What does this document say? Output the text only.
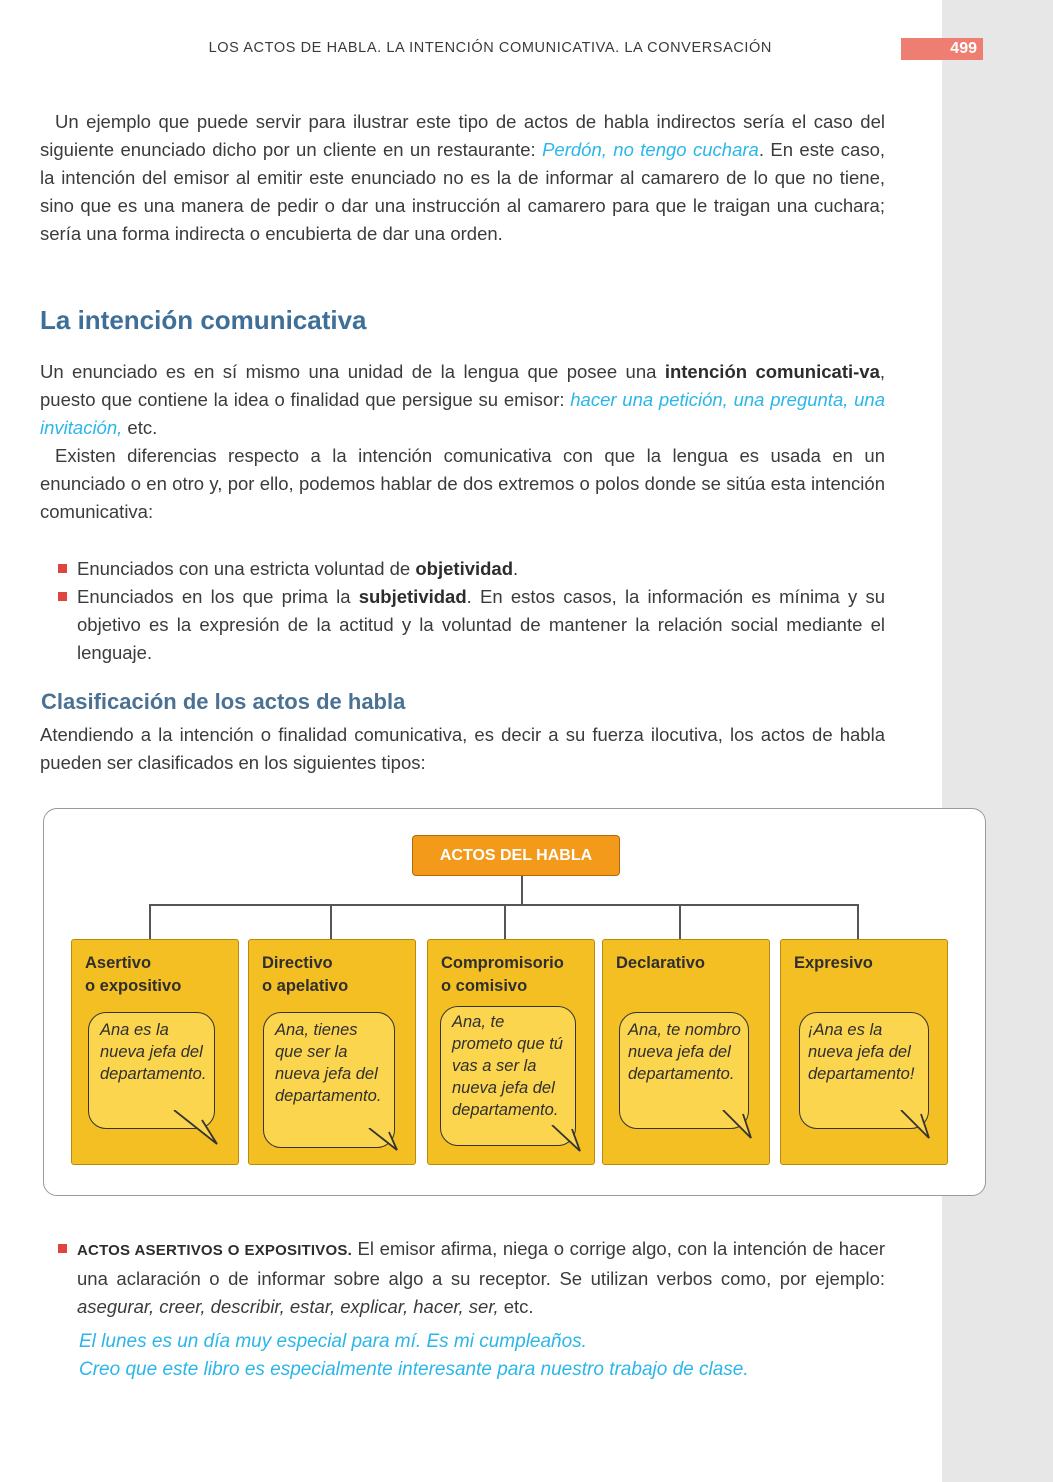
LOS ACTOS DE HABLA. LA INTENCIÓN COMUNICATIVA. LA CONVERSACIÓN	499

Un ejemplo que puede servir para ilustrar este tipo de actos de habla indirectos sería el caso del siguiente enunciado dicho por un cliente en un restaurante: Perdón, no tengo cuchara. En este caso, la intención del emisor al emitir este enunciado no es la de informar al camarero de lo que no tiene, sino que es una manera de pedir o dar una instrucción al camarero para que le traigan una cuchara; sería una forma indirecta o encubierta de dar una orden.

La intención comunicativa

Un enunciado es en sí mismo una unidad de la lengua que posee una intención comunicati-va, puesto que contiene la idea o finalidad que persigue su emisor: hacer una petición, una pregunta, una invitación, etc.

Existen diferencias respecto a la intención comunicativa con que la lengua es usada en un enunciado o en otro y, por ello, podemos hablar de dos extremos o polos donde se sitúa esta intención comunicativa:

Enunciados con una estricta voluntad de objetividad.
Enunciados en los que prima la subjetividad. En estos casos, la información es mínima y su objetivo es la expresión de la actitud y la voluntad de mantener la relación social mediante el lenguaje.
Clasificación de los actos de habla

Atendiendo a la intención o finalidad comunicativa, es decir a su fuerza ilocutiva, los actos de habla pueden ser clasificados en los siguientes tipos:

ACTOS DEL HABLA
Asertivo
o expositivo
Ana es la
nueva jefa del
departamento.
Directivo
o apelativo
Ana, tienes
que ser la
nueva jefa del
departamento.
Compromisorio
o comisivo
Ana, te
prometo que tú
vas a ser la
nueva jefa del
departamento.
Declarativo
Ana, te nombro
nueva jefa del
departamento.
Expresivo
¡Ana es la
nueva jefa del
departamento!
ACTOS ASERTIVOS O EXPOSITIVOS. El emisor afirma, niega o corrige algo, con la intención de hacer una aclaración o de informar sobre algo a su receptor. Se utilizan verbos como, por ejemplo: asegurar, creer, describir, estar, explicar, hacer, ser, etc.
El lunes es un día muy especial para mí. Es mi cumpleaños.
Creo que este libro es especialmente interesante para nuestro trabajo de clase.
